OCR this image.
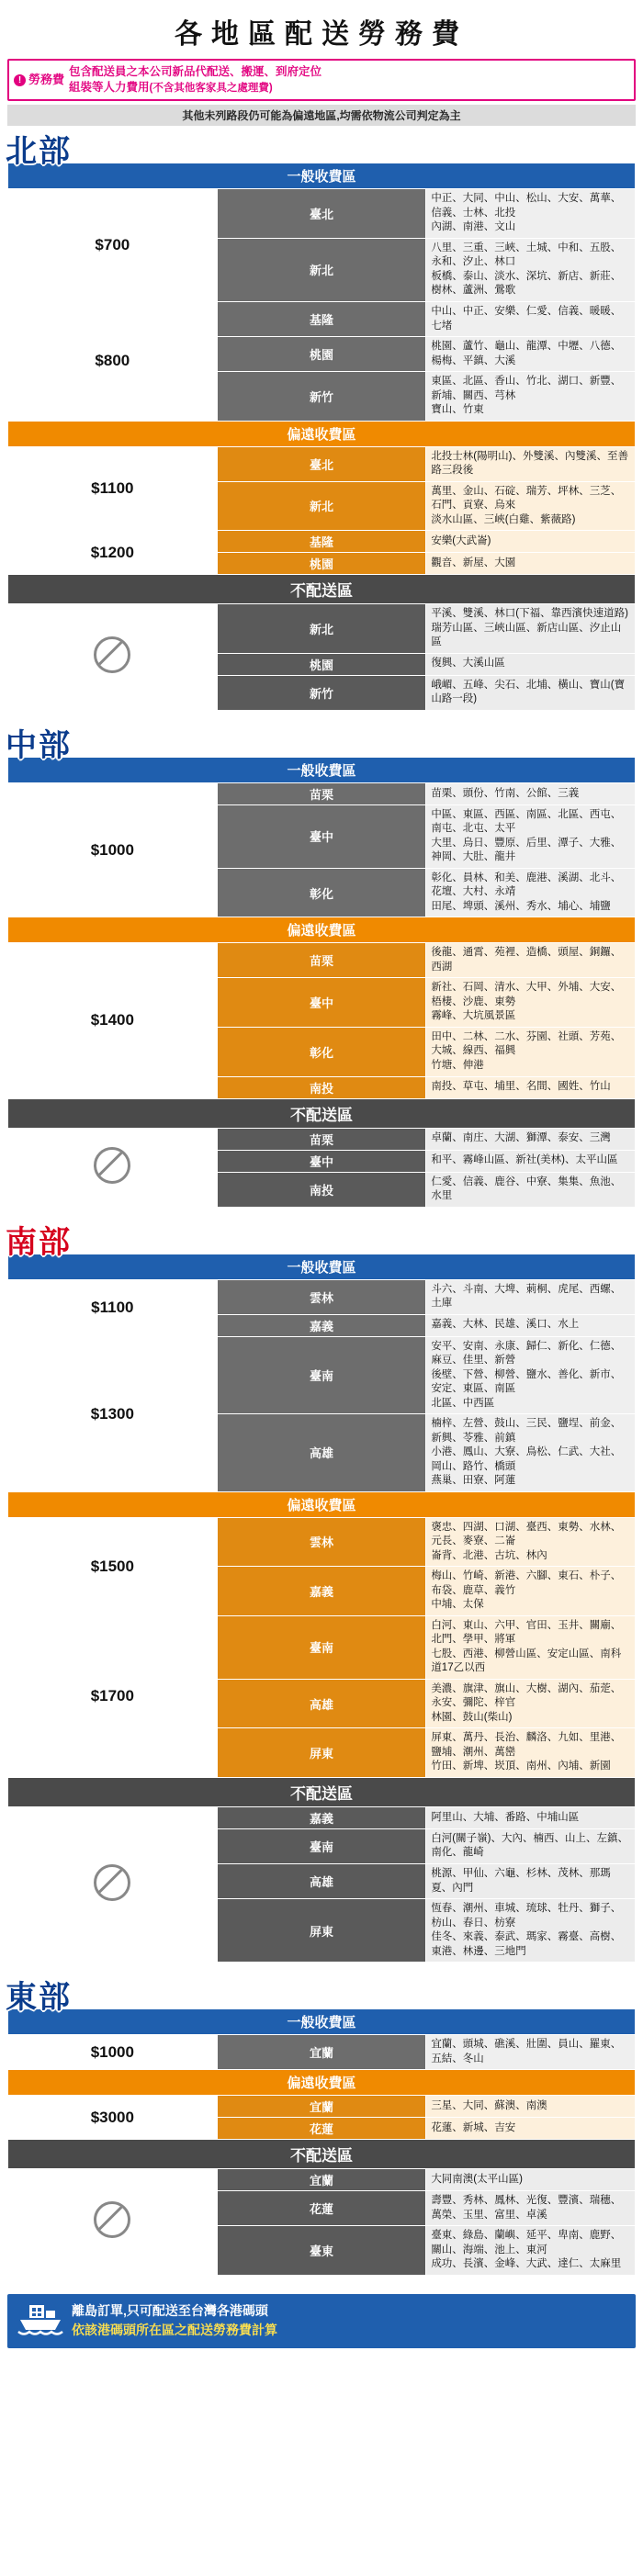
各地區配送勞務費
! 勞務費
包含配送員之本公司新品代配送、搬運、到府定位
組裝等人力費用(不含其他客家具之處理費)
其他未列路段仍可能為偏遠地區,均需依物流公司判定為主
北部
一般收費區		
$700	臺北	中正、大同、中山、松山、大安、萬華、信義、士林、北投
內湖、南港、文山

	新北	八里、三重、三峽、土城、中和、五股、永和、汐止、林口
板橋、泰山、淡水、深坑、新店、新莊、樹林、蘆洲、鶯歌

$800	基隆	中山、中正、安樂、仁愛、信義、暖暖、七堵

	桃園	桃園、蘆竹、龜山、龍潭、中壢、八德、楊梅、平鎮、大溪

	新竹	東區、北區、香山、竹北、湖口、新豐、新埔、關西、芎林
寶山、竹東

偏遠收費區		
$1100	臺北	北投士林(陽明山)、外雙溪、內雙溪、至善路三段後

	新北	萬里、金山、石碇、瑞芳、坪林、三芝、石門、貢寮、烏來
淡水山區、三峽(白雞、紫薇路)

$1200	基隆	安樂(大武崙)

	桃園	觀音、新屋、大園

不配送區		
	新北	平溪、雙溪、林口(下福、靠西濱快速道路)
瑞芳山區、三峽山區、新店山區、汐止山區

	桃園	復興、大溪山區

	新竹	峨嵋、五峰、尖石、北埔、橫山、寶山(寶山路一段)
中部
一般收費區		
$1000	苗栗	苗栗、頭份、竹南、公館、三義

	臺中	中區、東區、西區、南區、北區、西屯、南屯、北屯、太平
大里、烏日、豐原、后里、潭子、大雅、神岡、大肚、龍井

	彰化	彰化、員林、和美、鹿港、溪湖、北斗、花壇、大村、永靖
田尾、埤頭、溪州、秀水、埔心、埔鹽

偏遠收費區		
$1400	苗栗	後龍、通霄、苑裡、造橋、頭屋、銅鑼、西湖

	臺中	新社、石岡、清水、大甲、外埔、大安、梧棲、沙鹿、東勢
霧峰、大坑風景區

	彰化	田中、二林、二水、芬園、社頭、芳苑、大城、線西、福興
竹塘、伸港

	南投	南投、草屯、埔里、名間、國姓、竹山

不配送區		
	苗栗	卓蘭、南庄、大湖、獅潭、泰安、三灣

	臺中	和平、霧峰山區、新社(美林)、太平山區

	南投	仁愛、信義、鹿谷、中寮、集集、魚池、水里
南部
一般收費區		
$1100	雲林	斗六、斗南、大埤、莿桐、虎尾、西螺、土庫

	嘉義	嘉義、大林、民雄、溪口、水上

$1300	臺南	安平、安南、永康、歸仁、新化、仁德、麻豆、佳里、新營
後壁、下營、柳營、鹽水、善化、新市、安定、東區、南區
北區、中西區

	高雄	楠梓、左營、鼓山、三民、鹽埕、前金、新興、苓雅、前鎮
小港、鳳山、大寮、鳥松、仁武、大社、岡山、路竹、橋頭
燕巢、田寮、阿蓮

偏遠收費區		
$1500	雲林	褒忠、四湖、口湖、臺西、東勢、水林、元長、麥寮、二崙
崙背、北港、古坑、林內

	嘉義	梅山、竹崎、新港、六腳、東石、朴子、布袋、鹿草、義竹
中埔、太保

$1700	臺南	白河、東山、六甲、官田、玉井、關廟、北門、學甲、將軍
七股、西港、柳營山區、安定山區、南科道17乙以西

	高雄	美濃、旗津、旗山、大樹、湖內、茄萣、永安、彌陀、梓官
林園、鼓山(柴山)

	屏東	屏東、萬丹、長治、麟洛、九如、里港、鹽埔、潮州、萬巒
竹田、新埤、崁頂、南州、內埔、新園

不配送區		
	嘉義	阿里山、大埔、番路、中埔山區

	臺南	白河(關子嶺)、大內、楠西、山上、左鎮、南化、龍崎

	高雄	桃源、甲仙、六龜、杉林、茂林、那瑪夏、內門

	屏東	恆春、潮州、車城、琉球、牡丹、獅子、枋山、春日、枋寮
佳冬、來義、泰武、瑪家、霧臺、高樹、東港、林邊、三地門
東部
一般收費區		
$1000	宜蘭	宜蘭、頭城、礁溪、壯圍、員山、羅東、五結、冬山

偏遠收費區		
$3000	宜蘭	三星、大同、蘇澳、南澳

	花蓮	花蓮、新城、吉安

不配送區		
	宜蘭	大同南澳(太平山區)

	花蓮	壽豐、秀林、鳳林、光復、豐濱、瑞穗、萬榮、玉里、富里、卓溪

	臺東	臺東、綠島、蘭嶼、延平、卑南、鹿野、關山、海端、池上、東河
成功、長濱、金峰、大武、達仁、太麻里
離島訂單,只可配送至台灣各港碼頭
依該港碼頭所在區之配送勞務費計算
